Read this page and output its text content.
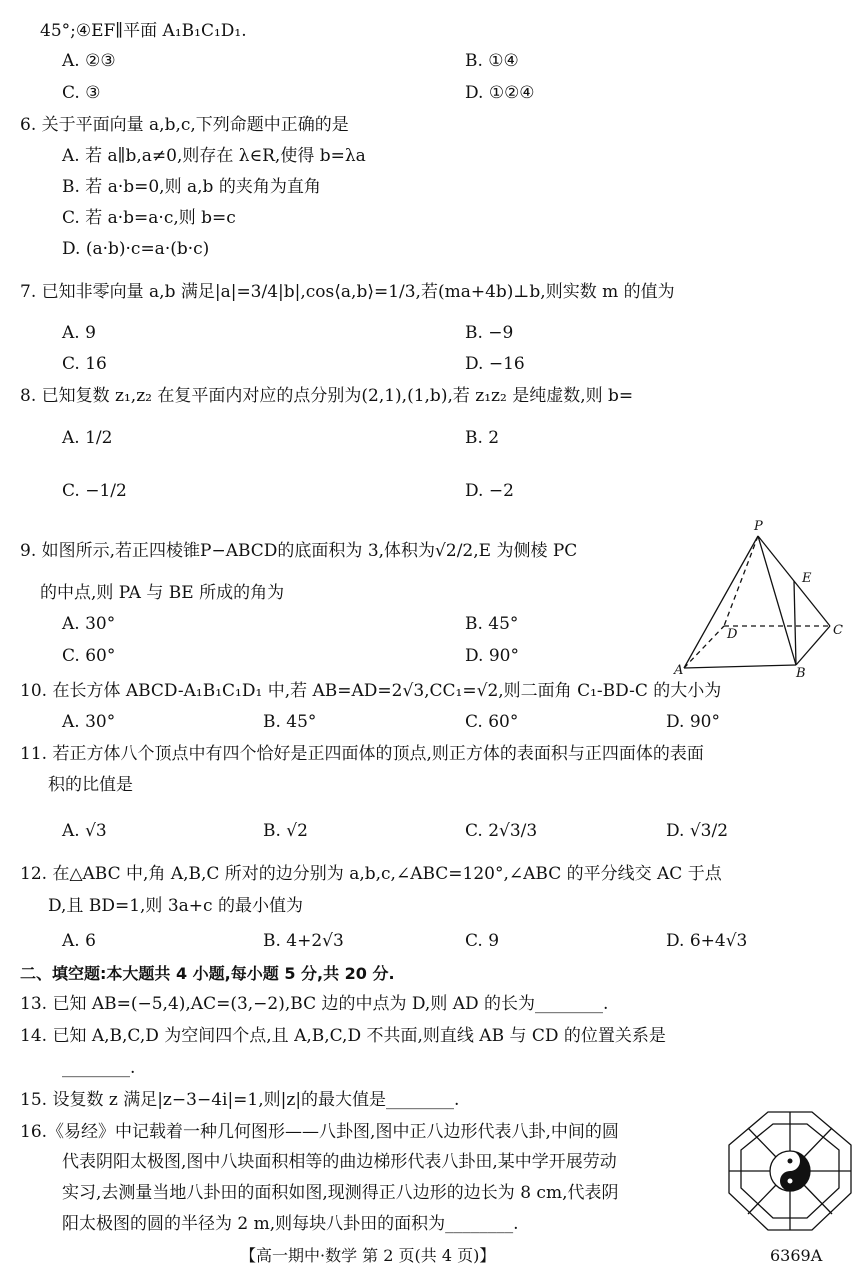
45°;④EF∥平面 A₁B₁C₁D₁.
A. ②③	B. ①④
C. ③	D. ①②④
6. 关于平面向量 a,b,c,下列命题中正确的是
A. 若 a∥b,a≠0,则存在 λ∈R,使得 b=λa
B. 若 a·b=0,则 a,b 的夹角为直角
C. 若 a·b=a·c,则 b=c
D. (a·b)·c=a·(b·c)
7. 已知非零向量 a,b 满足|a|=3/4|b|,cos⟨a,b⟩=1/3,若(ma+4b)⊥b,则实数 m 的值为
A. 9	B. −9
C. 16	D. −16
8. 已知复数 z₁,z₂ 在复平面内对应的点分别为(2,1),(1,b),若 z₁z₂ 是纯虚数,则 b=
A. 1/2	B. 2
C. −1/2	D. −2
9. 如图所示,若正四棱锥P−ABCD的底面积为 3,体积为√2/2,E 为侧棱 PC
的中点,则 PA 与 BE 所成的角为
A. 30°	B. 45°
C. 60°	D. 90°
10. 在长方体 ABCD-A₁B₁C₁D₁ 中,若 AB=AD=2√3,CC₁=√2,则二面角 C₁-BD-C 的大小为
A. 30°	B. 45°	C. 60°	D. 90°
11. 若正方体八个顶点中有四个恰好是正四面体的顶点,则正方体的表面积与正四面体的表面
积的比值是
A. √3	B. √2	C. 2√3/3	D. √3/2
12. 在△ABC 中,角 A,B,C 所对的边分别为 a,b,c,∠ABC=120°,∠ABC 的平分线交 AC 于点
D,且 BD=1,则 3a+c 的最小值为
A. 6	B. 4+2√3	C. 9	D. 6+4√3
二、填空题:本大题共 4 小题,每小题 5 分,共 20 分.
13. 已知 AB=(−5,4),AC=(3,−2),BC 边的中点为 D,则 AD 的长为________.
14. 已知 A,B,C,D 为空间四个点,且 A,B,C,D 不共面,则直线 AB 与 CD 的位置关系是
________.
15. 设复数 z 满足|z−3−4i|=1,则|z|的最大值是________.
16.《易经》中记载着一种几何图形——八卦图,图中正八边形代表八卦,中间的圆
代表阴阳太极图,图中八块面积相等的曲边梯形代表八卦田,某中学开展劳动
实习,去测量当地八卦田的面积如图,现测得正八边形的边长为 8 cm,代表阴
阳太极图的圆的半径为 2 m,则每块八卦田的面积为________.
【高一期中·数学 第 2 页(共 4 页)】	6369A
P
E
D	C
A	B
